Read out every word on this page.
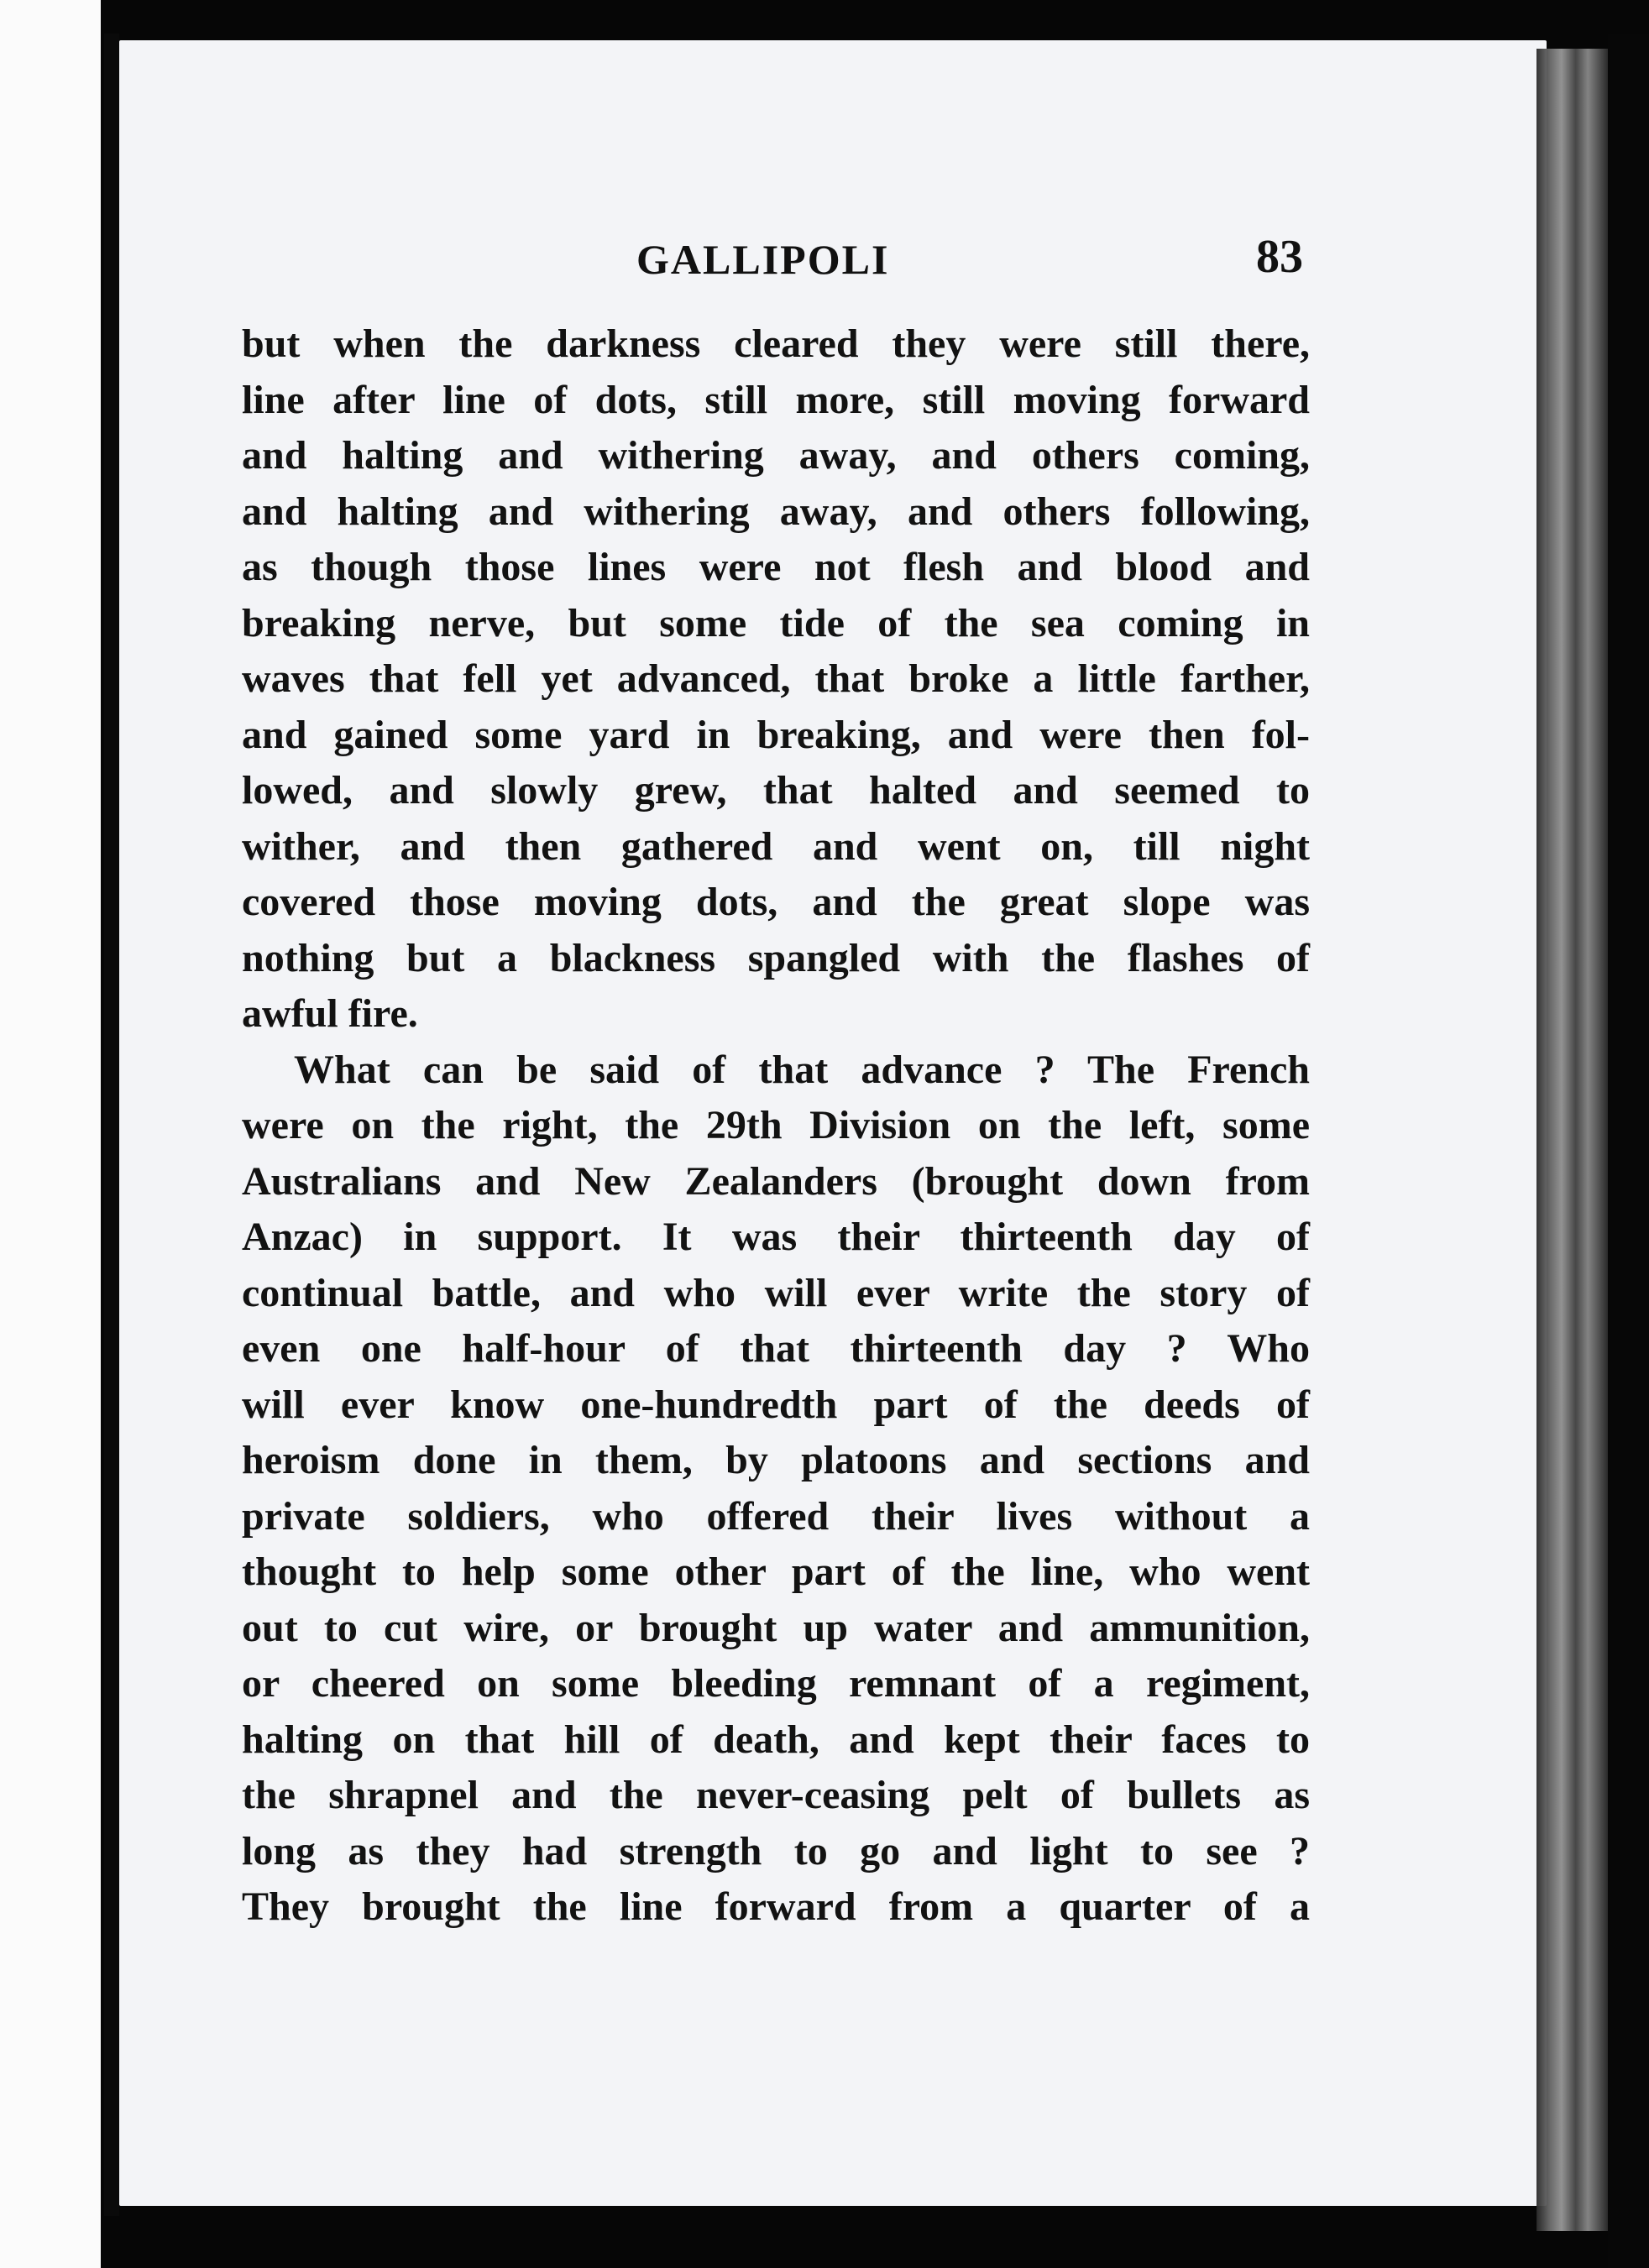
GALLIPOLI	83
but when the darkness cleared they were still there,
line after line of dots, still more, still moving forward
and halting and withering away, and others coming,
and halting and withering away, and others following,
as though those lines were not flesh and blood and
breaking nerve, but some tide of the sea coming in
waves that fell yet advanced, that broke a little farther,
and gained some yard in breaking, and were then fol-
lowed, and slowly grew, that halted and seemed to
wither, and then gathered and went on, till night
covered those moving dots, and the great slope was
nothing but a blackness spangled with the flashes of
awful fire.
What can be said of that advance ? The French
were on the right, the 29th Division on the left, some
Australians and New Zealanders (brought down from
Anzac) in support. It was their thirteenth day of
continual battle, and who will ever write the story of
even one half-hour of that thirteenth day ? Who
will ever know one-hundredth part of the deeds of
heroism done in them, by platoons and sections and
private soldiers, who offered their lives without a
thought to help some other part of the line, who went
out to cut wire, or brought up water and ammunition,
or cheered on some bleeding remnant of a regiment,
halting on that hill of death, and kept their faces to
the shrapnel and the never-ceasing pelt of bullets as
long as they had strength to go and light to see ?
They brought the line forward from a quarter of a
